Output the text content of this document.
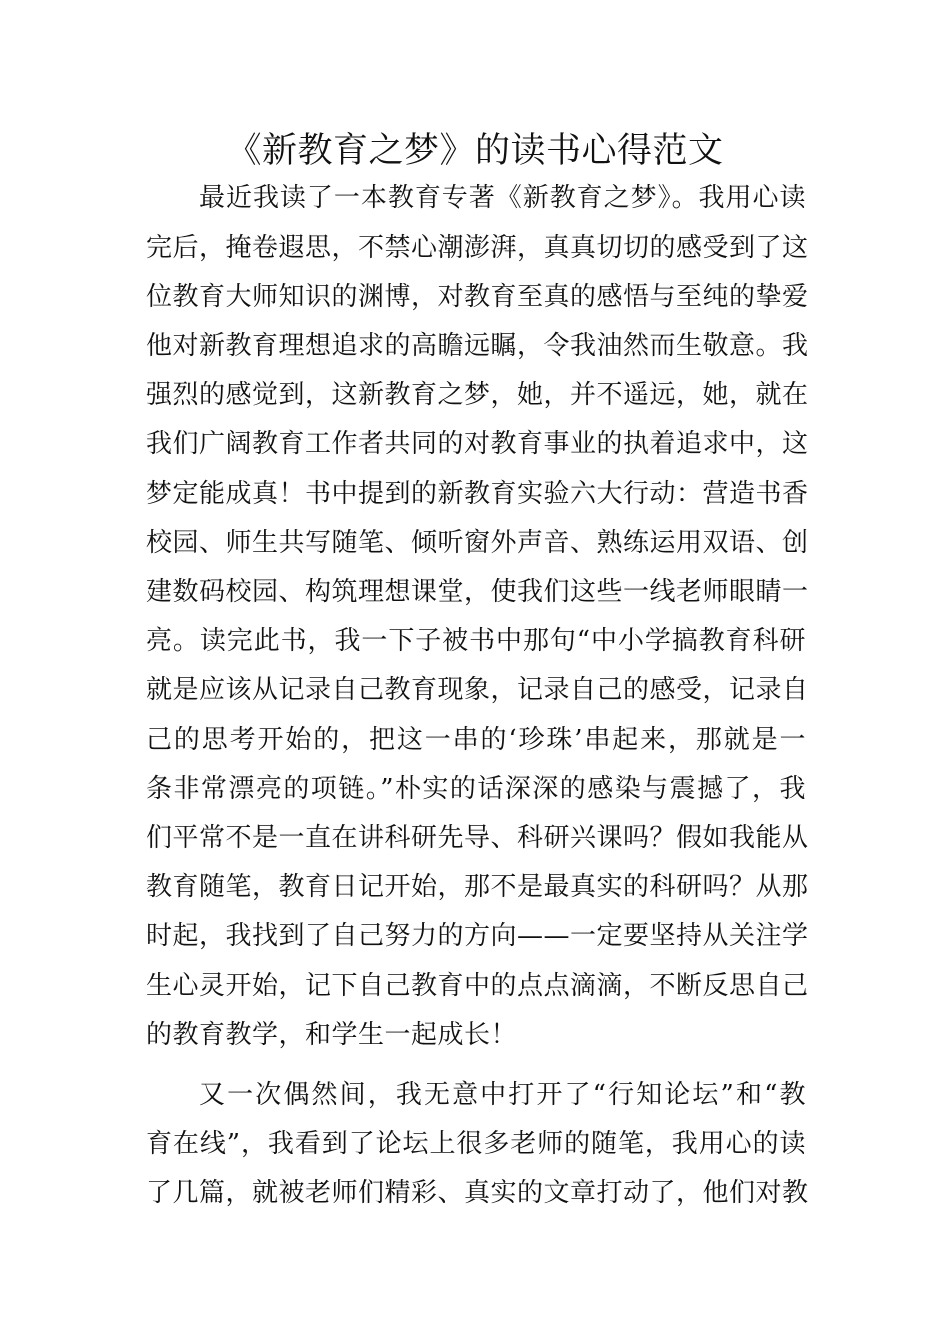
《新教育之梦》的读书心得范文
最近我读了一本教育专著《新教育之梦》。我用心读
完后，掩卷遐思，不禁心潮澎湃，真真切切的感受到了这
位教育大师知识的渊博，对教育至真的感悟与至纯的挚爱
他对新教育理想追求的高瞻远瞩，令我油然而生敬意。我
强烈的感觉到，这新教育之梦，她，并不遥远，她，就在
我们广阔教育工作者共同的对教育事业的执着追求中，这
梦定能成真！书中提到的新教育实验六大行动：营造书香
校园、师生共写随笔、倾听窗外声音、熟练运用双语、创
建数码校园、构筑理想课堂，使我们这些一线老师眼睛一
亮。读完此书，我一下子被书中那句“中小学搞教育科研
就是应该从记录自己教育现象，记录自己的感受，记录自
己的思考开始的，把这一串的‘珍珠’串起来，那就是一
条非常漂亮的项链。”朴实的话深深的感染与震撼了，我
们平常不是一直在讲科研先导、科研兴课吗？假如我能从
教育随笔，教育日记开始，那不是最真实的科研吗？从那
时起，我找到了自己努力的方向——一定要坚持从关注学
生心灵开始，记下自己教育中的点点滴滴，不断反思自己
的教育教学，和学生一起成长！
又一次偶然间，我无意中打开了“行知论坛”和“教
育在线”，我看到了论坛上很多老师的随笔，我用心的读
了几篇，就被老师们精彩、真实的文章打动了，他们对教
